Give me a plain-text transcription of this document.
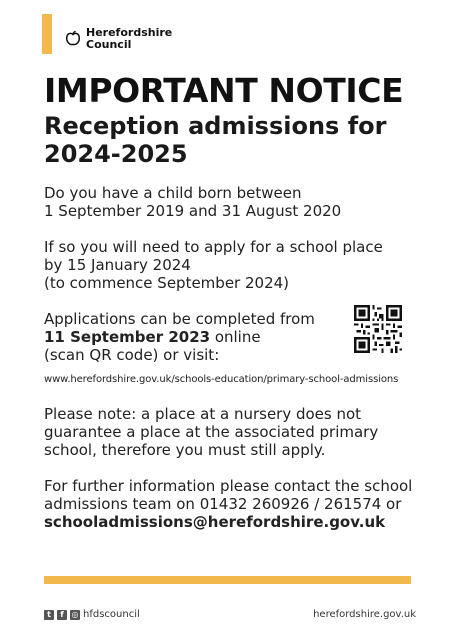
Herefordshire
Council
IMPORTANT NOTICE
Reception admissions for
2024-2025
Do you have a child born between
1 September 2019 and 31 August 2020
If so you will need to apply for a school place
by 15 January 2024
(to commence September 2024)
Applications can be completed from
11 September 2023 online
(scan QR code) or visit:
www.herefordshire.gov.uk/schools-education/primary-school-admissions
Please note: a place at a nursery does not
guarantee a place at the associated primary
school, therefore you must still apply.
For further information please contact the school
admissions team on 01432 260926 / 261574 or
schooladmissions@herefordshire.gov.uk
t	f ◎ hfdscouncil	herefordshire.gov.uk
